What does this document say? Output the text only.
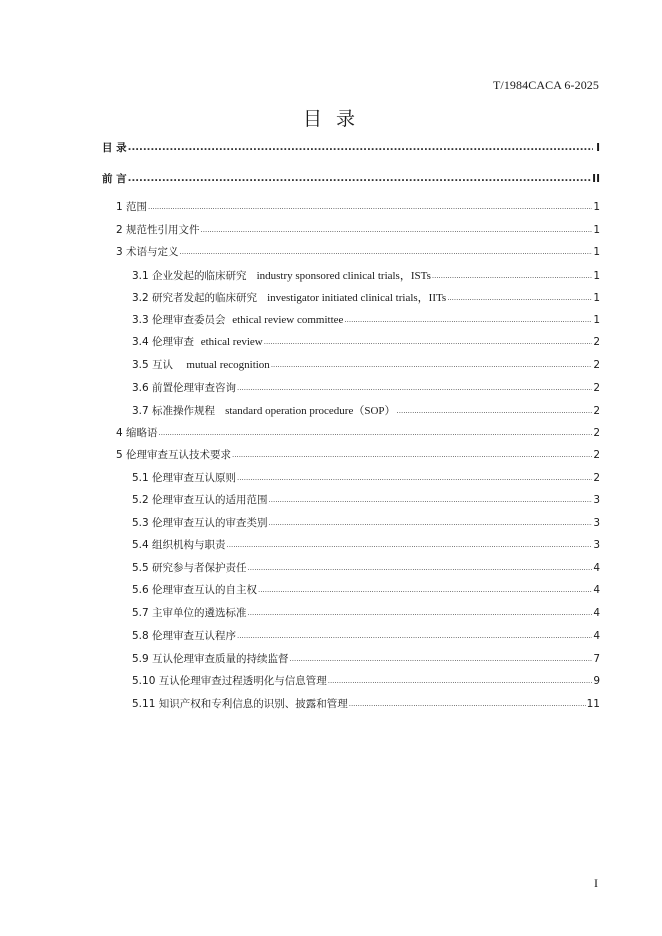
T/1984CACA 6-2025
目 录
目 录 .....	I
前 言 .....	II
1 范围 .....	1
2 规范性引用文件 .....	1
3 术语与定义 .....	1
3.1 企业发起的临床研究 industry sponsored clinical trials，ISTs .....	1
3.2 研究者发起的临床研究 investigator initiated clinical trials，IITs .....	1
3.3 伦理审查委员会 ethical review committee .....	1
3.4 伦理审查 ethical review .....	2
3.5 互认 mutual recognition .....	2
3.6 前置伦理审查咨询 .....	2
3.7 标准操作规程 standard operation procedure（SOP） .....	2
4 缩略语 .....	2
5 伦理审查互认技术要求 .....	2
5.1 伦理审查互认原则 .....	2
5.2 伦理审查互认的适用范围 .....	3
5.3 伦理审查互认的审查类别 .....	3
5.4 组织机构与职责 .....	3
5.5 研究参与者保护责任 .....	4
5.6 伦理审查互认的自主权 .....	4
5.7 主审单位的遴选标准 .....	4
5.8 伦理审查互认程序 .....	4
5.9 互认伦理审查质量的持续监督 .....	7
5.10 互认伦理审查过程透明化与信息管理 .....	9
5.11 知识产权和专利信息的识别、披露和管理 .....	11
I
